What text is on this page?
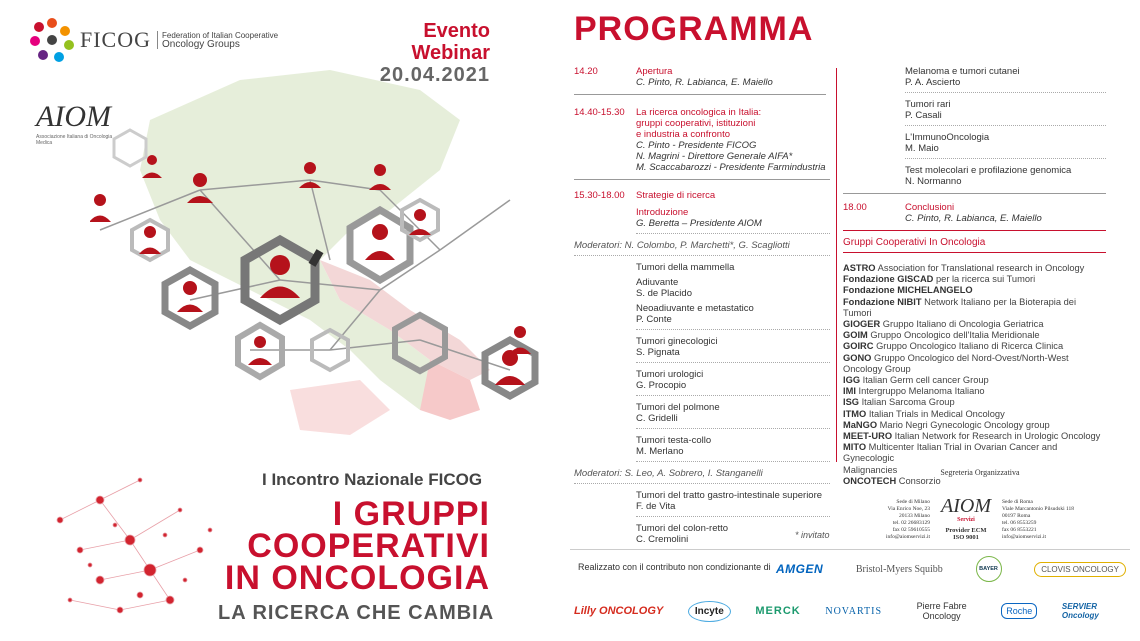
FICOG Federation of Italian Cooperative
Oncology Groups
AIOM
Associazione Italiana di Oncologia Medica
Evento
Webinar
20.04.2021
I Incontro Nazionale FICOG
I GRUPPI
COOPERATIVI
IN ONCOLOGIA
LA RICERCA CHE CAMBIA
PROGRAMMA
14.20	Apertura
C. Pinto, R. Labianca, E. Maiello
14.40-15.30	La ricerca oncologica in Italia:
gruppi cooperativi, istituzioni
e industria a confronto
C. Pinto - Presidente FICOG
N. Magrini - Direttore Generale AIFA*
M. Scaccabarozzi - Presidente Farmindustria
15.30-18.00	Strategie di ricerca
Introduzione
G. Beretta – Presidente AIOM
Moderatori: N. Colombo, P. Marchetti*, G. Scagliotti
Tumori della mammella
Adiuvante
S. de Placido
Neoadiuvante e metastatico
P. Conte
Tumori ginecologici
S. Pignata
Tumori urologici
G. Procopio
Tumori del polmone
C. Gridelli
Tumori testa-collo
M. Merlano
Moderatori: S. Leo, A. Sobrero, I. Stanganelli
Tumori del tratto gastro-intestinale superiore
F. de Vita
Tumori del colon-retto
C. Cremolini	* invitato
Melanoma e tumori cutanei
P. A. Ascierto
Tumori rari
P. Casali
L'ImmunoOncologia
M. Maio
Test molecolari e profilazione genomica
N. Normanno
18.00	Conclusioni
C. Pinto, R. Labianca, E. Maiello
Gruppi Cooperativi In Oncologia
ASTRO Association for Translational research in Oncology
Fondazione GISCAD per la ricerca sui Tumori
Fondazione MICHELANGELO
Fondazione NIBIT Network Italiano per la Bioterapia dei Tumori
GIOGER Gruppo Italiano di Oncologia Geriatrica
GOIM Gruppo Oncologico dell'Italia Meridionale
GOIRC Gruppo Oncologico Italiano di Ricerca Clinica
GONO Gruppo Oncologico del Nord-Ovest/North-West
Oncology Group
IGG Italian Germ cell cancer Group
IMI Intergruppo Melanoma Italiano
ISG Italian Sarcoma Group
ITMO Italian Trials in Medical Oncology
MaNGO Mario Negri Gynecologic Oncology group
MEET-URO Italian Network for Research in Urologic Oncology
MITO Multicenter Italian Trial in Ovarian Cancer and Gynecologic
Malignancies
ONCOTECH Consorzio
Segreteria Organizzativa
Sede di Milano
Via Enrico Noe, 23
20133 Milano
tel. 02 26683129
fax 02 59610555
info@aiomservizi.it
AIOM
Servizi
Provider ECM
ISO 9001
Sede di Roma
Viale Marcantonio Pilsudski 118
00197 Roma
tel. 06 8553259
fax 06 8553221
info@aiomservizi.it
Realizzato con il contributo non condizionante di AMGEN	Bristol-Myers Squibb	BAYER	CLOVIS ONCOLOGY
Lilly ONCOLOGY	Incyte	MERCK NOVARTIS	Pierre Fabre Oncology	Roche	SERVIER Oncology
